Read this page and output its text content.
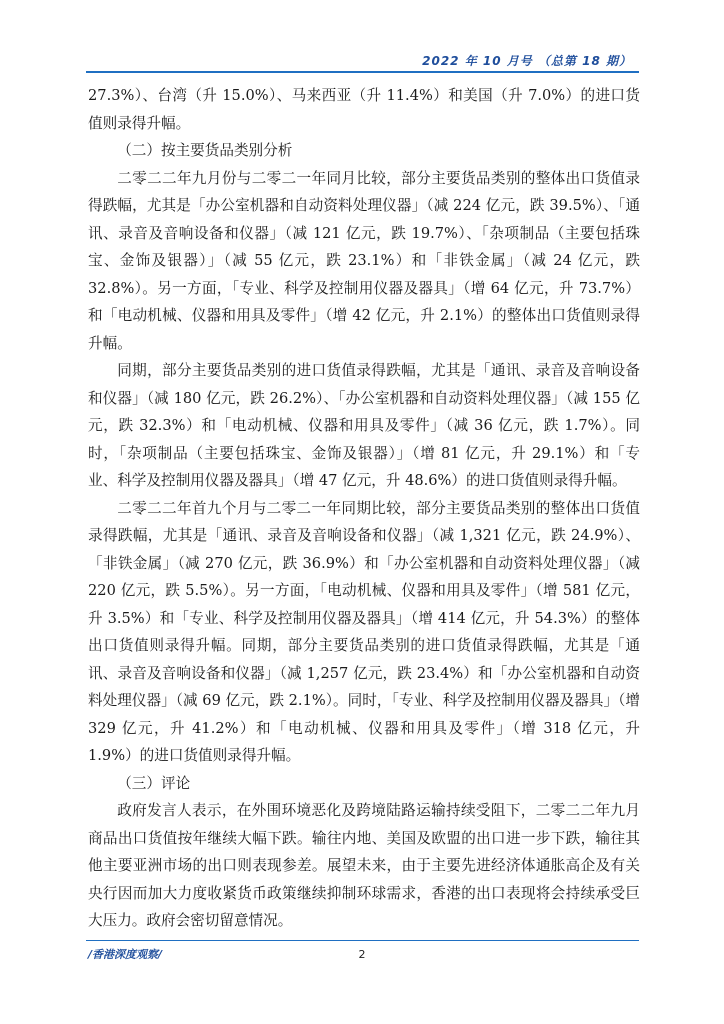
2022 年 10 月号 （总第 18 期）

27.3%）、台湾（升 15.0%）、马来西亚（升 11.4%）和美国（升 7.0%）的进口货值则录得升幅。

（二）按主要货品类别分析

二零二二年九月份与二零二一年同月比较，部分主要货品类别的整体出口货值录得跌幅，尤其是「办公室机器和自动资料处理仪器」（减 224 亿元，跌 39.5%）、「通讯、录音及音响设备和仪器」（减 121 亿元，跌 19.7%）、「杂项制品（主要包括珠宝、金饰及银器）」（减 55 亿元，跌 23.1%）和「非铁金属」（减 24 亿元，跌 32.8%）。另一方面，「专业、科学及控制用仪器及器具」（增 64 亿元，升 73.7%）和「电动机械、仪器和用具及零件」（增 42 亿元，升 2.1%）的整体出口货值则录得升幅。

同期，部分主要货品类别的进口货值录得跌幅，尤其是「通讯、录音及音响设备和仪器」（减 180 亿元，跌 26.2%）、「办公室机器和自动资料处理仪器」（减 155 亿元，跌 32.3%）和「电动机械、仪器和用具及零件」（减 36 亿元，跌 1.7%）。同时，「杂项制品（主要包括珠宝、金饰及银器）」（增 81 亿元，升 29.1%）和「专业、科学及控制用仪器及器具」（增 47 亿元，升 48.6%）的进口货值则录得升幅。

二零二二年首九个月与二零二一年同期比较，部分主要货品类别的整体出口货值录得跌幅，尤其是「通讯、录音及音响设备和仪器」（减 1,321 亿元，跌 24.9%）、「非铁金属」（减 270 亿元，跌 36.9%）和「办公室机器和自动资料处理仪器」（减 220 亿元，跌 5.5%）。另一方面，「电动机械、仪器和用具及零件」（增 581 亿元，升 3.5%）和「专业、科学及控制用仪器及器具」（增 414 亿元，升 54.3%）的整体出口货值则录得升幅。同期，部分主要货品类别的进口货值录得跌幅，尤其是「通讯、录音及音响设备和仪器」（减 1,257 亿元，跌 23.4%）和「办公室机器和自动资料处理仪器」（减 69 亿元，跌 2.1%）。同时，「专业、科学及控制用仪器及器具」（增 329 亿元，升 41.2%）和「电动机械、仪器和用具及零件」（增 318 亿元，升 1.9%）的进口货值则录得升幅。

（三）评论

政府发言人表示，在外围环境恶化及跨境陆路运输持续受阻下，二零二二年九月商品出口货值按年继续大幅下跌。输往内地、美国及欧盟的出口进一步下跌，输往其他主要亚洲市场的出口则表现参差。展望未来，由于主要先进经济体通胀高企及有关央行因而加大力度收紧货币政策继续抑制环球需求，香港的出口表现将会持续承受巨大压力。政府会密切留意情况。

/香港深度观察/	2
